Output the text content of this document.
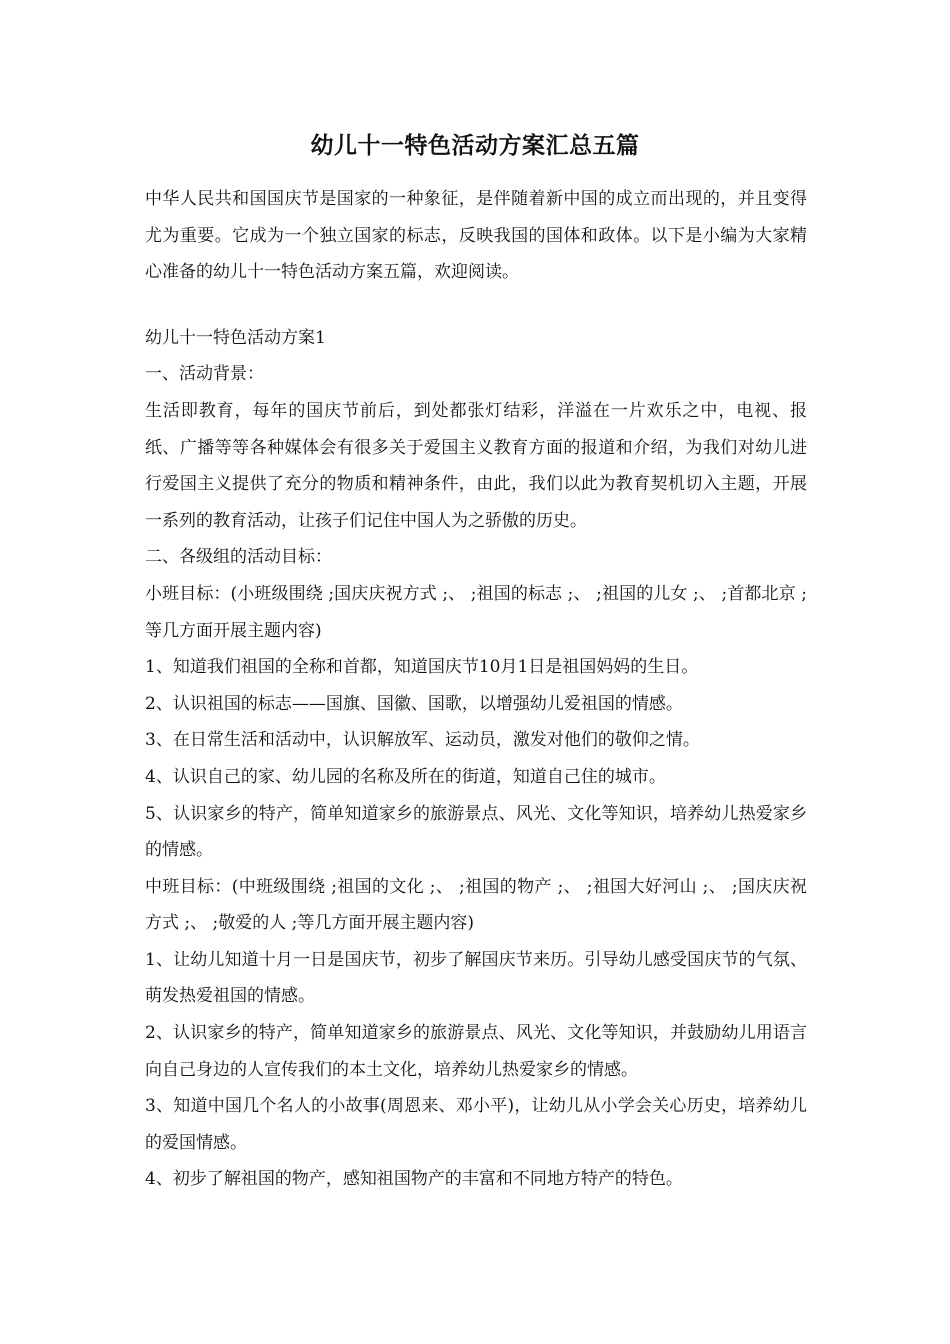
幼儿十一特色活动方案汇总五篇

中华人民共和国国庆节是国家的一种象征，是伴随着新中国的成立而出现的，并且变得尤为重要。它成为一个独立国家的标志，反映我国的国体和政体。以下是小编为大家精心准备的幼儿十一特色活动方案五篇，欢迎阅读。

幼儿十一特色活动方案1

一、活动背景：

生活即教育，每年的国庆节前后，到处都张灯结彩，洋溢在一片欢乐之中，电视、报纸、广播等等各种媒体会有很多关于爱国主义教育方面的报道和介绍，为我们对幼儿进行爱国主义提供了充分的物质和精神条件，由此，我们以此为教育契机切入主题，开展一系列的教育活动，让孩子们记住中国人为之骄傲的历史。

二、各级组的活动目标：

小班目标：(小班级围绕 ;国庆庆祝方式 ;、 ;祖国的标志 ;、 ;祖国的儿女 ;、 ;首都北京 ;等几方面开展主题内容)

1、知道我们祖国的全称和首都，知道国庆节10月1日是祖国妈妈的生日。

2、认识祖国的标志——国旗、国徽、国歌，以增强幼儿爱祖国的情感。

3、在日常生活和活动中，认识解放军、运动员，激发对他们的敬仰之情。

4、认识自己的家、幼儿园的名称及所在的街道，知道自己住的城市。

5、认识家乡的特产，简单知道家乡的旅游景点、风光、文化等知识，培养幼儿热爱家乡的情感。

中班目标：(中班级围绕 ;祖国的文化 ;、 ;祖国的物产 ;、 ;祖国大好河山 ;、 ;国庆庆祝方式 ;、 ;敬爱的人 ;等几方面开展主题内容)

1、让幼儿知道十月一日是国庆节，初步了解国庆节来历。引导幼儿感受国庆节的气氛、萌发热爱祖国的情感。

2、认识家乡的特产，简单知道家乡的旅游景点、风光、文化等知识，并鼓励幼儿用语言向自己身边的人宣传我们的本土文化，培养幼儿热爱家乡的情感。

3、知道中国几个名人的小故事(周恩来、邓小平)，让幼儿从小学会关心历史，培养幼儿的爱国情感。

4、初步了解祖国的物产，感知祖国物产的丰富和不同地方特产的特色。
